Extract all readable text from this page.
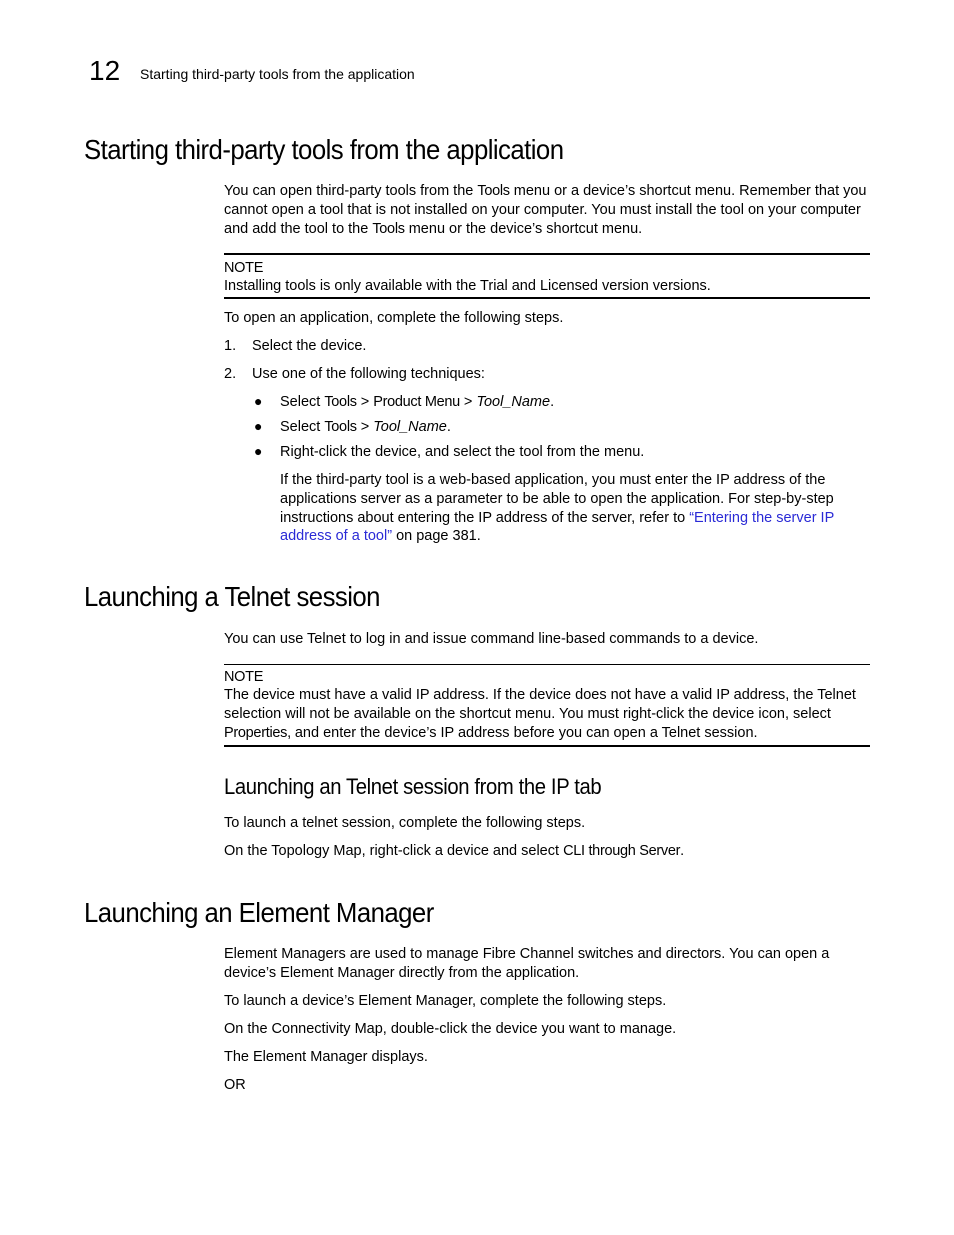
12 Starting third-party tools from the application
Starting third-party tools from the application

You can open third-party tools from the Tools menu or a device’s shortcut menu. Remember that you cannot open a tool that is not installed on your computer. You must install the tool on your computer and add the tool to the Tools menu or the device’s shortcut menu.

NOTE
Installing tools is only available with the Trial and Licensed version versions.

To open an application, complete the following steps.

1. Select the device.
2. Use one of the following techniques:
● Select Tools > Product Menu > Tool_Name.
● Select Tools > Tool_Name.
● Right-click the device, and select the tool from the menu.

If the third-party tool is a web-based application, you must enter the IP address of the applications server as a parameter to be able to open the application. For step-by-step instructions about entering the IP address of the server, refer to “Entering the server IP address of a tool” on page 381.

Launching a Telnet session

You can use Telnet to log in and issue command line-based commands to a device.

NOTE
The device must have a valid IP address. If the device does not have a valid IP address, the Telnet selection will not be available on the shortcut menu. You must right-click the device icon, select Properties, and enter the device’s IP address before you can open a Telnet session.
Launching an Telnet session from the IP tab

To launch a telnet session, complete the following steps.

On the Topology Map, right-click a device and select CLI through Server.

Launching an Element Manager

Element Managers are used to manage Fibre Channel switches and directors. You can open a device’s Element Manager directly from the application.

To launch a device’s Element Manager, complete the following steps.

On the Connectivity Map, double-click the device you want to manage.

The Element Manager displays.

OR
